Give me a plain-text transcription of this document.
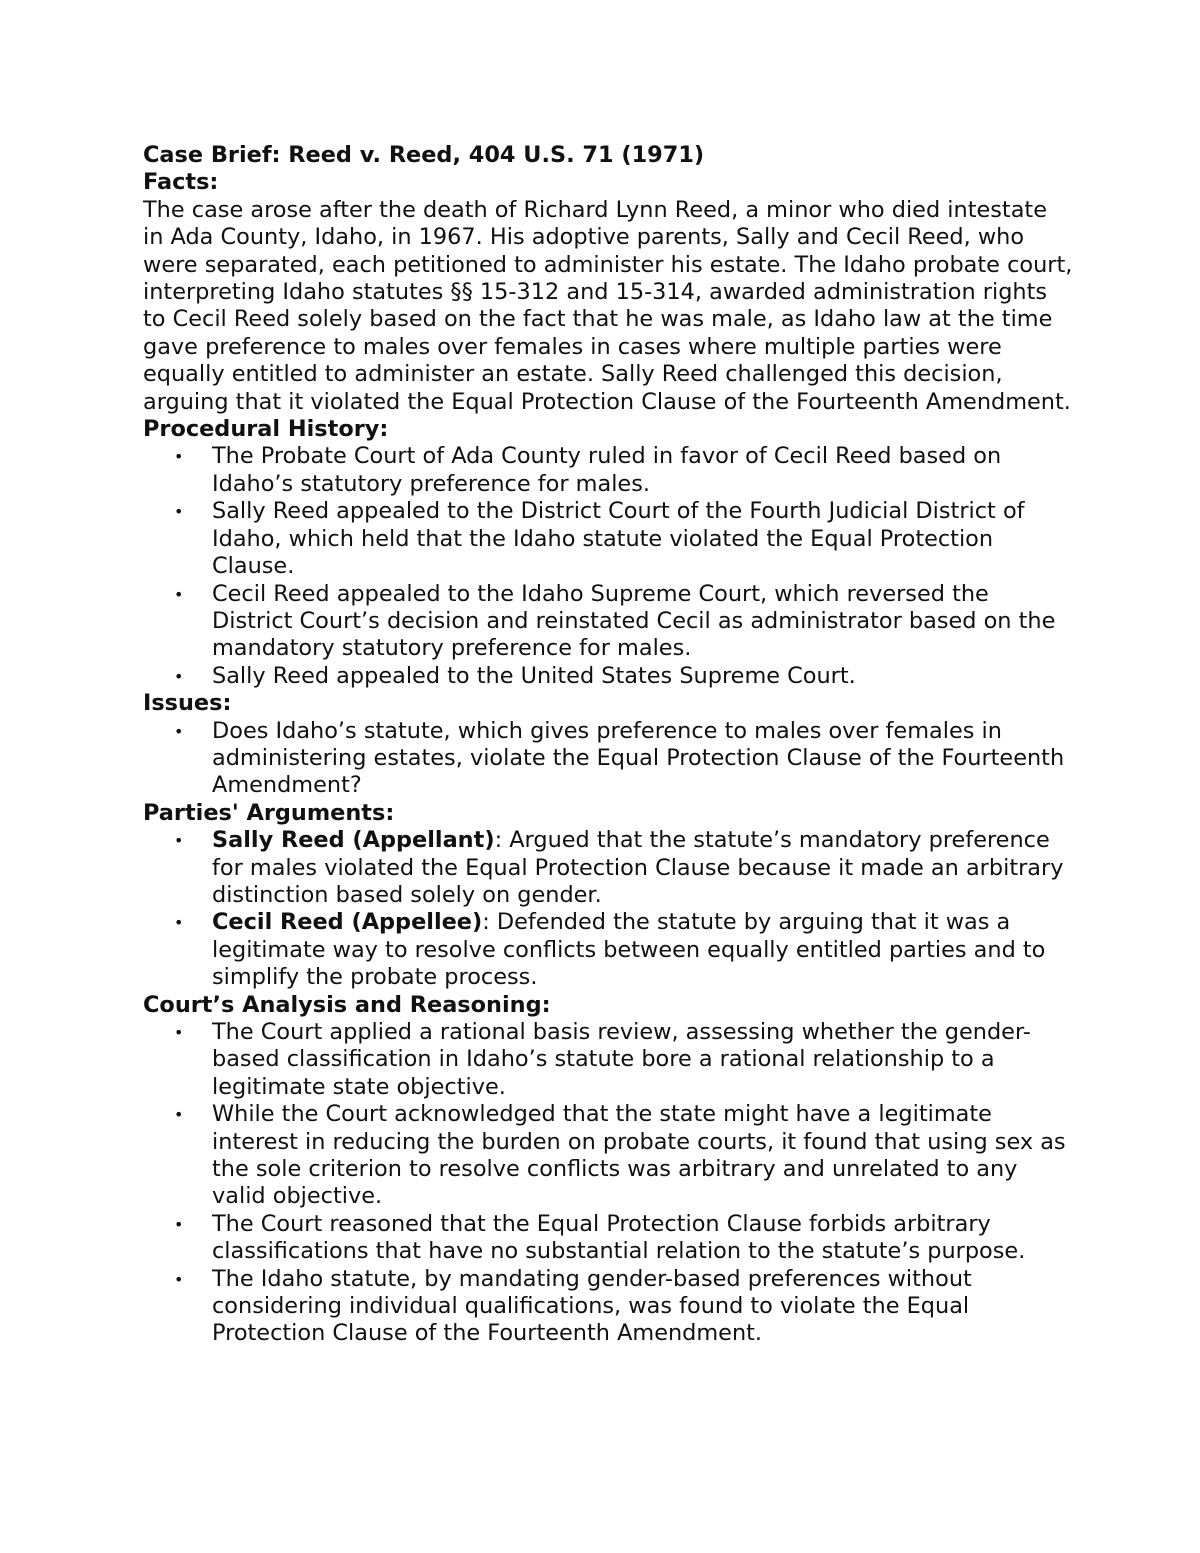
Case Brief: Reed v. Reed, 404 U.S. 71 (1971)
Facts:

The case arose after the death of Richard Lynn Reed, a minor who died intestate in Ada County, Idaho, in 1967. His adoptive parents, Sally and Cecil Reed, who were separated, each petitioned to administer his estate. The Idaho probate court, interpreting Idaho statutes §§ 15-312 and 15-314, awarded administration rights to Cecil Reed solely based on the fact that he was male, as Idaho law at the time gave preference to males over females in cases where multiple parties were equally entitled to administer an estate. Sally Reed challenged this decision, arguing that it violated the Equal Protection Clause of the Fourteenth Amendment.

Procedural History:
• The Probate Court of Ada County ruled in favor of Cecil Reed based on Idaho’s statutory preference for males.
• Sally Reed appealed to the District Court of the Fourth Judicial District of Idaho, which held that the Idaho statute violated the Equal Protection Clause.
• Cecil Reed appealed to the Idaho Supreme Court, which reversed the District Court’s decision and reinstated Cecil as administrator based on the mandatory statutory preference for males.
• Sally Reed appealed to the United States Supreme Court.
Issues:
• Does Idaho’s statute, which gives preference to males over females in administering estates, violate the Equal Protection Clause of the Fourteenth Amendment?
Parties' Arguments:
• Sally Reed (Appellant): Argued that the statute’s mandatory preference for males violated the Equal Protection Clause because it made an arbitrary distinction based solely on gender.
• Cecil Reed (Appellee): Defended the statute by arguing that it was a legitimate way to resolve conflicts between equally entitled parties and to simplify the probate process.
Court’s Analysis and Reasoning:
• The Court applied a rational basis review, assessing whether the gender-based classification in Idaho’s statute bore a rational relationship to a legitimate state objective.
• While the Court acknowledged that the state might have a legitimate interest in reducing the burden on probate courts, it found that using sex as the sole criterion to resolve conflicts was arbitrary and unrelated to any valid objective.
• The Court reasoned that the Equal Protection Clause forbids arbitrary classifications that have no substantial relation to the statute’s purpose.
• The Idaho statute, by mandating gender-based preferences without considering individual qualifications, was found to violate the Equal Protection Clause of the Fourteenth Amendment.
